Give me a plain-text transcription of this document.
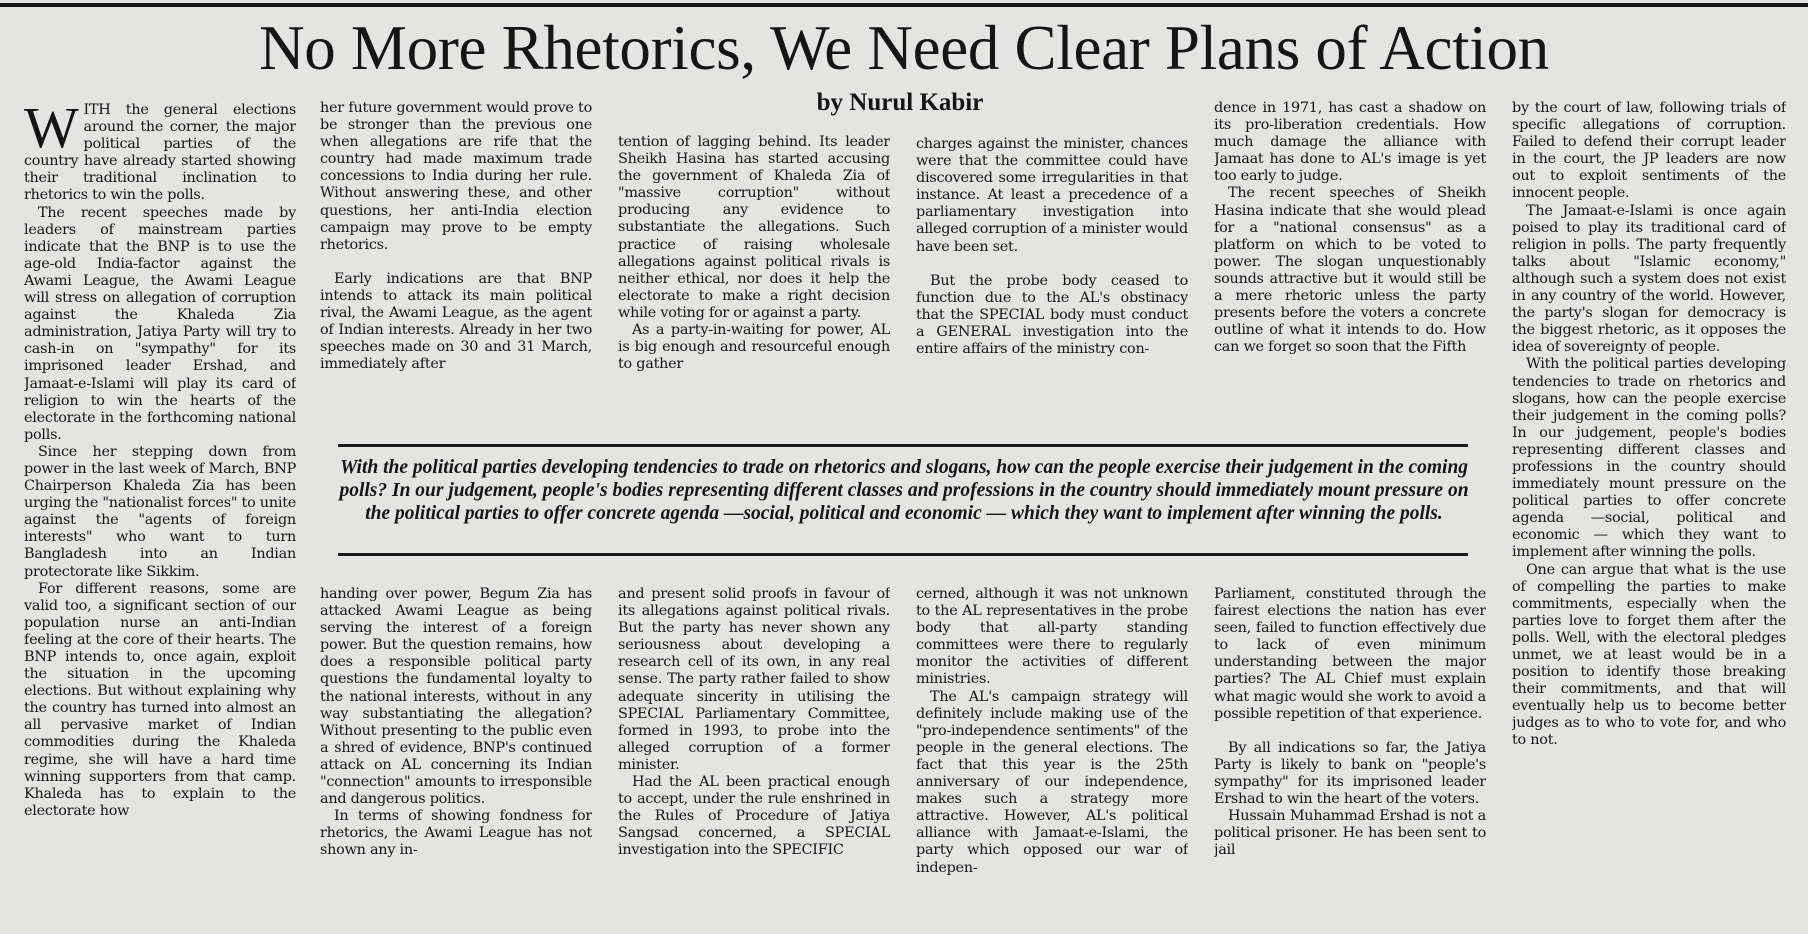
No More Rhetorics, We Need Clear Plans of Action
by Nurul Kabir

WITH the general elections around the corner, the major political parties of the country have already started showing their traditional inclination to rhetorics to win the polls.

The recent speeches made by leaders of mainstream parties indicate that the BNP is to use the age-old India-factor against the Awami League, the Awami League will stress on allegation of corruption against the Khaleda Zia administration, Jatiya Party will try to cash-in on "sympathy" for its imprisoned leader Ershad, and Jamaat-e-Islami will play its card of religion to win the hearts of the electorate in the forthcoming national polls.

Since her stepping down from power in the last week of March, BNP Chairperson Khaleda Zia has been urging the "nationalist forces" to unite against the "agents of foreign interests" who want to turn Bangladesh into an Indian protectorate like Sikkim.

For different reasons, some are valid too, a significant section of our population nurse an anti-Indian feeling at the core of their hearts. The BNP intends to, once again, exploit the situation in the upcoming elections. But without explaining why the country has turned into almost an all pervasive market of Indian commodities during the Khaleda regime, she will have a hard time winning supporters from that camp. Khaleda has to explain to the electorate how

her future government would prove to be stronger than the previous one when allegations are rife that the country had made maximum trade concessions to India during her rule. Without answering these, and other questions, her anti-India election campaign may prove to be empty rhetorics.

Early indications are that BNP intends to attack its main political rival, the Awami League, as the agent of Indian interests. Already in her two speeches made on 30 and 31 March, immediately after

tention of lagging behind. Its leader Sheikh Hasina has started accusing the government of Khaleda Zia of "massive corruption" without producing any evidence to substantiate the allegations. Such practice of raising wholesale allegations against political rivals is neither ethical, nor does it help the electorate to make a right decision while voting for or against a party.

As a party-in-waiting for power, AL is big enough and resourceful enough to gather

charges against the minister, chances were that the committee could have discovered some irregularities in that instance. At least a precedence of a parliamentary investigation into alleged corruption of a minister would have been set.

But the probe body ceased to function due to the AL's obstinacy that the SPECIAL body must conduct a GENERAL investigation into the entire affairs of the ministry con-

dence in 1971, has cast a shadow on its pro-liberation credentials. How much damage the alliance with Jamaat has done to AL's image is yet too early to judge.

The recent speeches of Sheikh Hasina indicate that she would plead for a "national consensus" as a platform on which to be voted to power. The slogan unquestionably sounds attractive but it would still be a mere rhetoric unless the party presents before the voters a concrete outline of what it intends to do. How can we forget so soon that the Fifth

by the court of law, following trials of specific allegations of corruption. Failed to defend their corrupt leader in the court, the JP leaders are now out to exploit sentiments of the innocent people.

The Jamaat-e-Islami is once again poised to play its traditional card of religion in polls. The party frequently talks about "Islamic economy," although such a system does not exist in any country of the world. However, the party's slogan for democracy is the biggest rhetoric, as it opposes the idea of sovereignty of people.

With the political parties developing tendencies to trade on rhetorics and slogans, how can the people exercise their judgement in the coming polls? In our judgement, people's bodies representing different classes and professions in the country should immediately mount pressure on the political parties to offer concrete agenda —social, political and economic — which they want to implement after winning the polls.

One can argue that what is the use of compelling the parties to make commitments, especially when the parties love to forget them after the polls. Well, with the electoral pledges unmet, we at least would be in a position to identify those breaking their commitments, and that will eventually help us to become better judges as to who to vote for, and who to not.

With the political parties developing tendencies to trade on rhetorics and slogans, how can the people exercise their judgement in the coming polls? In our judgement, people's bodies representing different classes and professions in the country should immediately mount pressure on the political parties to offer concrete agenda —social, political and economic — which they want to implement after winning the polls.

handing over power, Begum Zia has attacked Awami League as being serving the interest of a foreign power. But the question remains, how does a responsible political party questions the fundamental loyalty to the national interests, without in any way substantiating the allegation? Without presenting to the public even a shred of evidence, BNP's continued attack on AL concerning its Indian "connection" amounts to irresponsible and dangerous politics.

In terms of showing fondness for rhetorics, the Awami League has not shown any in-

and present solid proofs in favour of its allegations against political rivals. But the party has never shown any seriousness about developing a research cell of its own, in any real sense. The party rather failed to show adequate sincerity in utilising the SPECIAL Parliamentary Committee, formed in 1993, to probe into the alleged corruption of a former minister.

Had the AL been practical enough to accept, under the rule enshrined in the Rules of Procedure of Jatiya Sangsad concerned, a SPECIAL investigation into the SPECIFIC

cerned, although it was not unknown to the AL representatives in the probe body that all-party standing committees were there to regularly monitor the activities of different ministries.

The AL's campaign strategy will definitely include making use of the "pro-independence sentiments" of the people in the general elections. The fact that this year is the 25th anniversary of our independence, makes such a strategy more attractive. However, AL's political alliance with Jamaat-e-Islami, the party which opposed our war of indepen-

Parliament, constituted through the fairest elections the nation has ever seen, failed to function effectively due to lack of even minimum understanding between the major parties? The AL Chief must explain what magic would she work to avoid a possible repetition of that experience.

By all indications so far, the Jatiya Party is likely to bank on "people's sympathy" for its imprisoned leader Ershad to win the heart of the voters.

Hussain Muhammad Ershad is not a political prisoner. He has been sent to jail
